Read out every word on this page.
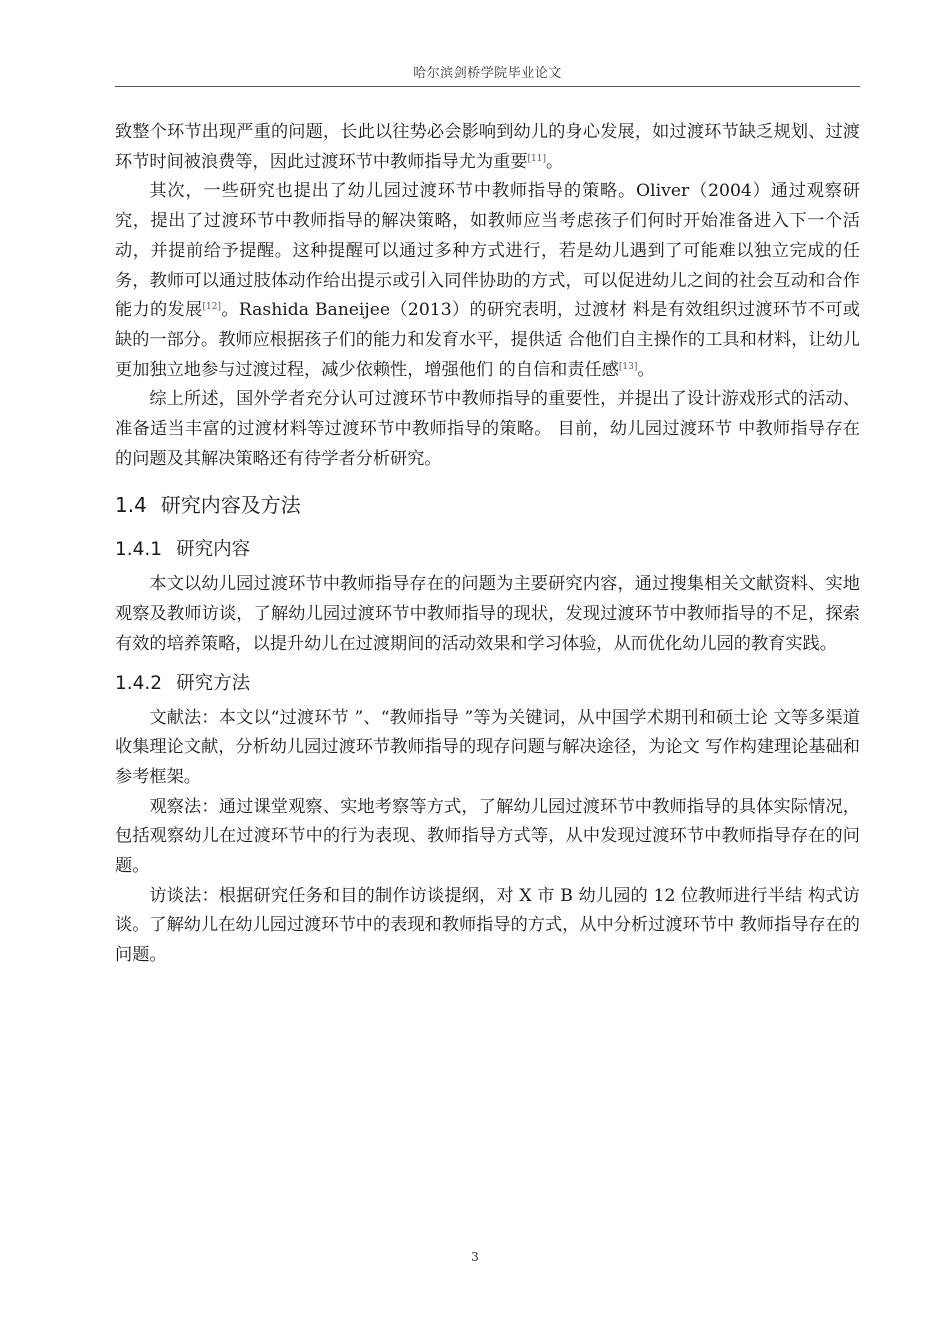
哈尔滨剑桥学院毕业论文

致整个环节出现严重的问题，长此以往势必会影响到幼儿的身心发展，如过渡环节缺乏规划、过渡环节时间被浪费等，因此过渡环节中教师指导尤为重要[11]。

其次，一些研究也提出了幼儿园过渡环节中教师指导的策略。Oliver（2004）通过观察研究，提出了过渡环节中教师指导的解决策略，如教师应当考虑孩子们何时开始准备进入下一个活动，并提前给予提醒。这种提醒可以通过多种方式进行，若是幼儿遇到了可能难以独立完成的任务，教师可以通过肢体动作给出提示或引入同伴协助的方式，可以促进幼儿之间的社会互动和合作能力的发展[12]。Rashida Baneijee（2013）的研究表明，过渡材 料是有效组织过渡环节不可或缺的一部分。教师应根据孩子们的能力和发育水平，提供适 合他们自主操作的工具和材料，让幼儿更加独立地参与过渡过程，减少依赖性，增强他们 的自信和责任感[13]。

综上所述，国外学者充分认可过渡环节中教师指导的重要性，并提出了设计游戏形式的活动、准备适当丰富的过渡材料等过渡环节中教师指导的策略。 目前，幼儿园过渡环节 中教师指导存在的问题及其解决策略还有待学者分析研究。

1.4 研究内容及方法
1.4.1 研究内容

本文以幼儿园过渡环节中教师指导存在的问题为主要研究内容，通过搜集相关文献资料、实地观察及教师访谈，了解幼儿园过渡环节中教师指导的现状，发现过渡环节中教师指导的不足，探索有效的培养策略，以提升幼儿在过渡期间的活动效果和学习体验，从而优化幼儿园的教育实践。

1.4.2 研究方法

文献法：本文以“过渡环节 ”、“教师指导 ”等为关键词，从中国学术期刊和硕士论 文等多渠道收集理论文献，分析幼儿园过渡环节教师指导的现存问题与解决途径，为论文 写作构建理论基础和参考框架。

观察法：通过课堂观察、实地考察等方式，了解幼儿园过渡环节中教师指导的具体实际情况，包括观察幼儿在过渡环节中的行为表现、教师指导方式等，从中发现过渡环节中教师指导存在的问题。

访谈法：根据研究任务和目的制作访谈提纲，对 X 市 B 幼儿园的 12 位教师进行半结 构式访谈。了解幼儿在幼儿园过渡环节中的表现和教师指导的方式，从中分析过渡环节中 教师指导存在的问题。

3
